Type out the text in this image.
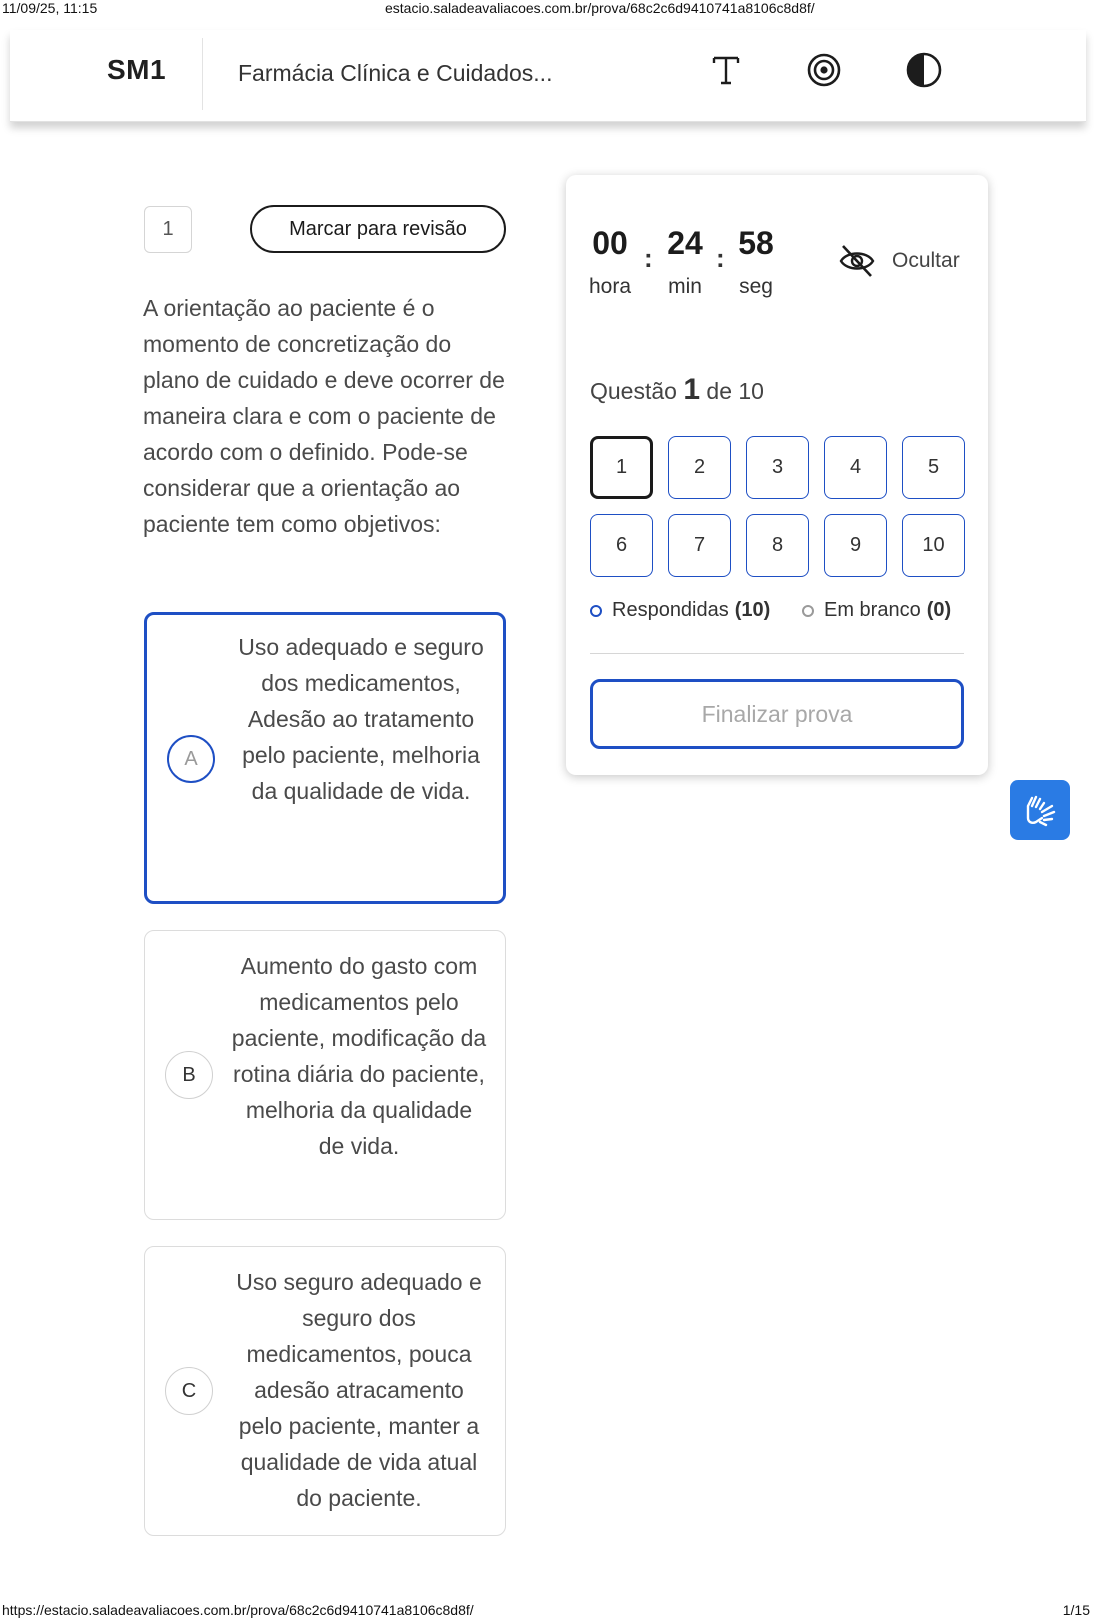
11/09/25, 11:15	estacio.saladeavaliacoes.com.br/prova/68c2c6d9410741a8106c8d8f/
SM1	Farmácia Clínica e Cuidados...
1	Marcar para revisão
A orientação ao paciente é o momento de concretização do plano de cuidado e deve ocorrer de maneira clara e com o paciente de acordo com o definido. Pode-se considerar que a orientação ao paciente tem como objetivos:
A
Uso adequado e seguro dos medicamentos, Adesão ao tratamento pelo paciente, melhoria da qualidade de vida.
B
Aumento do gasto com medicamentos pelo paciente, modificação da rotina diária do paciente, melhoria da qualidade de vida.
C
Uso seguro adequado e seguro dos medicamentos, pouca adesão atracamento pelo paciente, manter a qualidade de vida atual do paciente.
00
hora
: 24
min
: 58
seg
Ocultar
Questão 1 de 10
1	2	3	4	5
6	7	8	9	10
Respondidas (10)	Em branco (0)
Finalizar prova
https://estacio.saladeavaliacoes.com.br/prova/68c2c6d9410741a8106c8d8f/	1/15
